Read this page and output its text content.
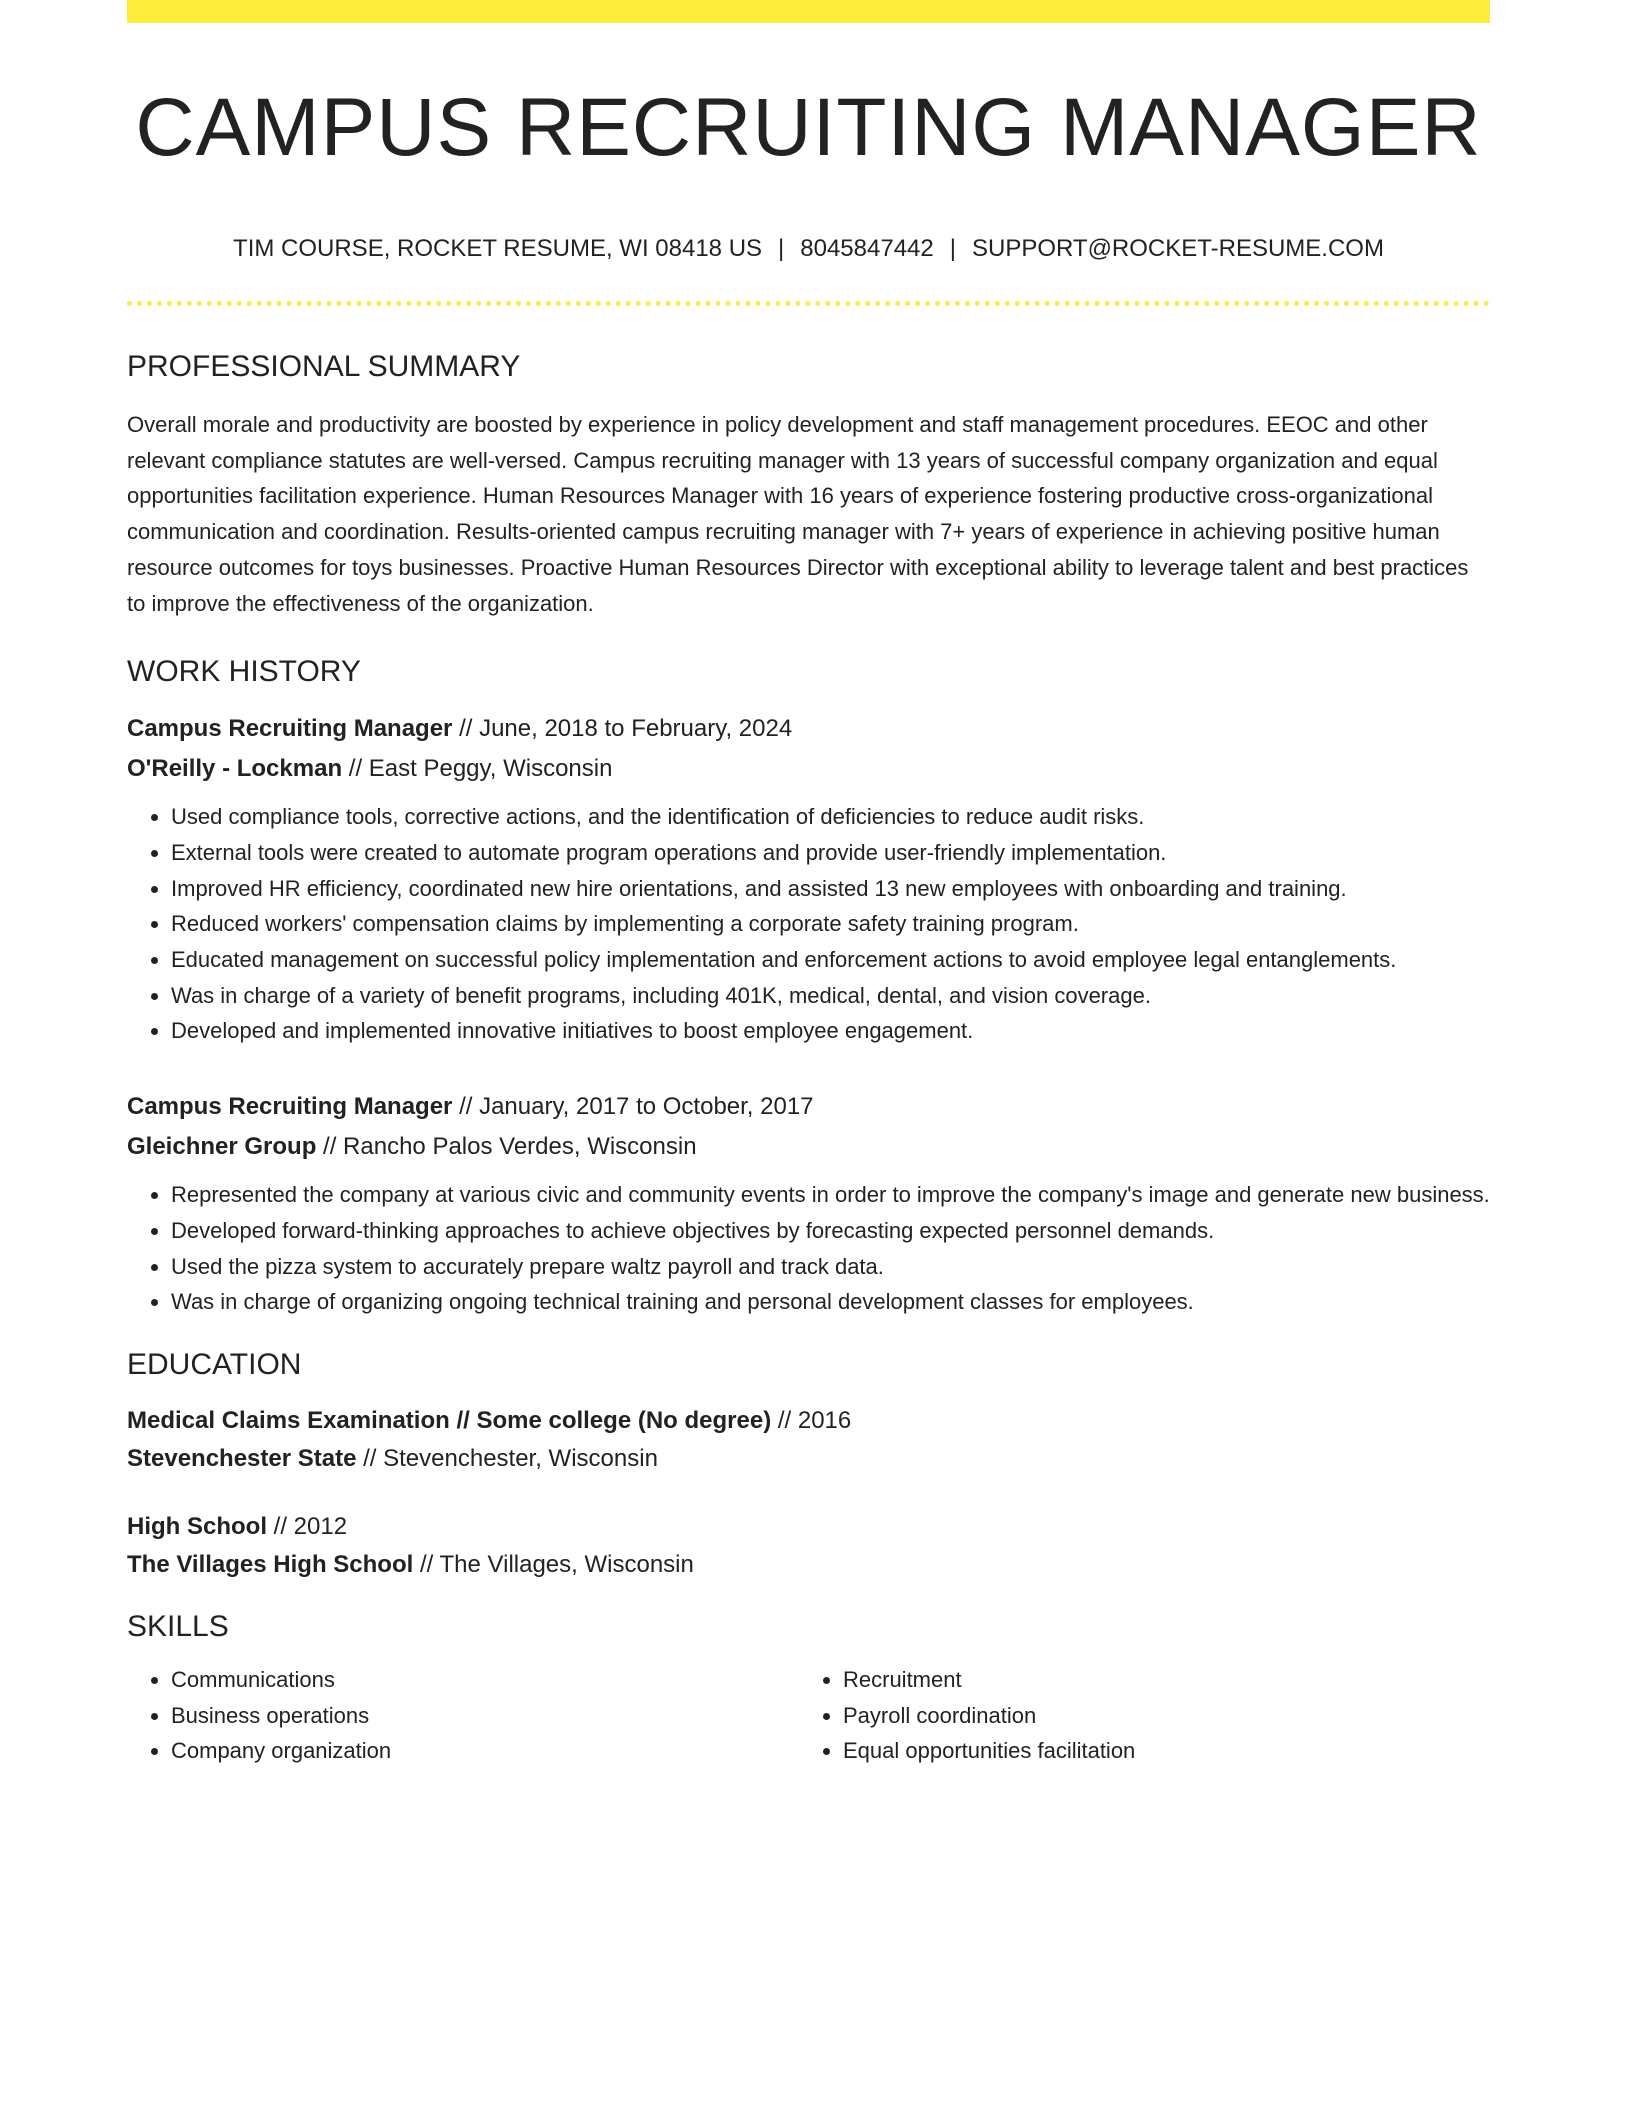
CAMPUS RECRUITING MANAGER
TIM COURSE, ROCKET RESUME, WI 08418 US | 8045847442 | SUPPORT@ROCKET-RESUME.COM
PROFESSIONAL SUMMARY
Overall morale and productivity are boosted by experience in policy development and staff management procedures. EEOC and other relevant compliance statutes are well-versed. Campus recruiting manager with 13 years of successful company organization and equal opportunities facilitation experience. Human Resources Manager with 16 years of experience fostering productive cross-organizational communication and coordination. Results-oriented campus recruiting manager with 7+ years of experience in achieving positive human resource outcomes for toys businesses. Proactive Human Resources Director with exceptional ability to leverage talent and best practices to improve the effectiveness of the organization.
WORK HISTORY
Campus Recruiting Manager // June, 2018 to February, 2024
O'Reilly - Lockman // East Peggy, Wisconsin
• Used compliance tools, corrective actions, and the identification of deficiencies to reduce audit risks.
• External tools were created to automate program operations and provide user-friendly implementation.
• Improved HR efficiency, coordinated new hire orientations, and assisted 13 new employees with onboarding and training.
• Reduced workers' compensation claims by implementing a corporate safety training program.
• Educated management on successful policy implementation and enforcement actions to avoid employee legal entanglements.
• Was in charge of a variety of benefit programs, including 401K, medical, dental, and vision coverage.
• Developed and implemented innovative initiatives to boost employee engagement.
Campus Recruiting Manager // January, 2017 to October, 2017
Gleichner Group // Rancho Palos Verdes, Wisconsin
• Represented the company at various civic and community events in order to improve the company's image and generate new business.
• Developed forward-thinking approaches to achieve objectives by forecasting expected personnel demands.
• Used the pizza system to accurately prepare waltz payroll and track data.
• Was in charge of organizing ongoing technical training and personal development classes for employees.
EDUCATION
Medical Claims Examination // Some college (No degree) // 2016
Stevenchester State // Stevenchester, Wisconsin
High School // 2012
The Villages High School // The Villages, Wisconsin
SKILLS
• Communications
• Business operations
• Company organization
• Recruitment
• Payroll coordination
• Equal opportunities facilitation
